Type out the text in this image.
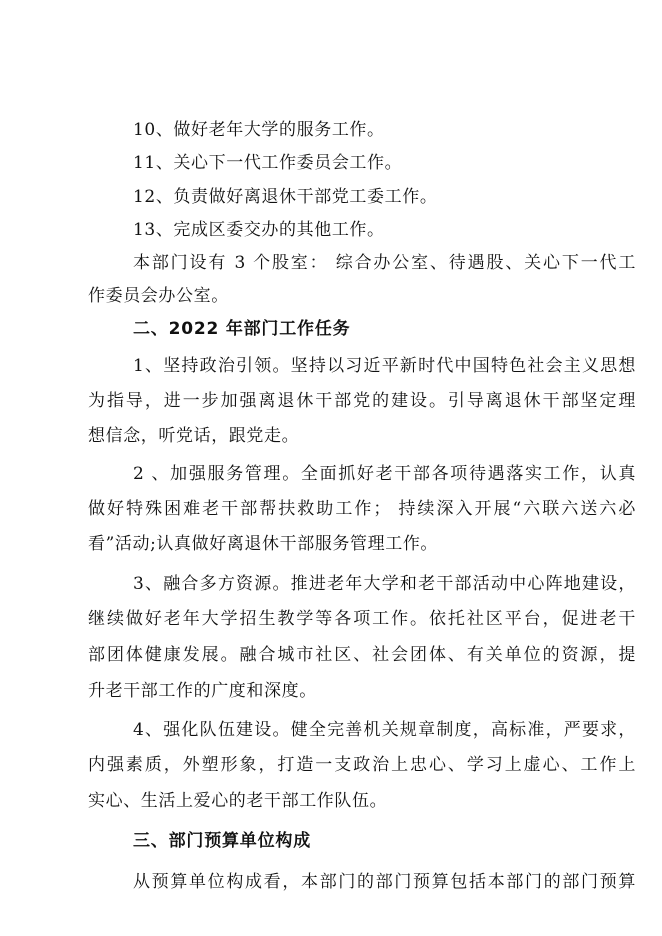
10、做好老年大学的服务工作。
11、关心下一代工作委员会工作。
12、负责做好离退休干部党工委工作。
13、完成区委交办的其他工作。
本部门设有 3 个股室： 综合办公室、待遇股、关心下一代工
作委员会办公室。
二、2022 年部门工作任务
1、坚持政治引领。坚持以习近平新时代中国特色社会主义思想
为指导，进一步加强离退休干部党的建设。引导离退休干部坚定理
想信念，听党话，跟党走。
2 、加强服务管理。全面抓好老干部各项待遇落实工作，认真
做好特殊困难老干部帮扶救助工作； 持续深入开展“六联六送六必
看”活动;认真做好离退休干部服务管理工作。
3、融合多方资源。推进老年大学和老干部活动中心阵地建设，
继续做好老年大学招生教学等各项工作。依托社区平台，促进老干
部团体健康发展。融合城市社区、社会团体、有关单位的资源，提
升老干部工作的广度和深度。
4、强化队伍建设。健全完善机关规章制度，高标准，严要求，
内强素质，外塑形象，打造一支政治上忠心、学习上虚心、工作上
实心、生活上爱心的老干部工作队伍。
三、部门预算单位构成
从预算单位构成看，本部门的部门预算包括本部门的部门预算
